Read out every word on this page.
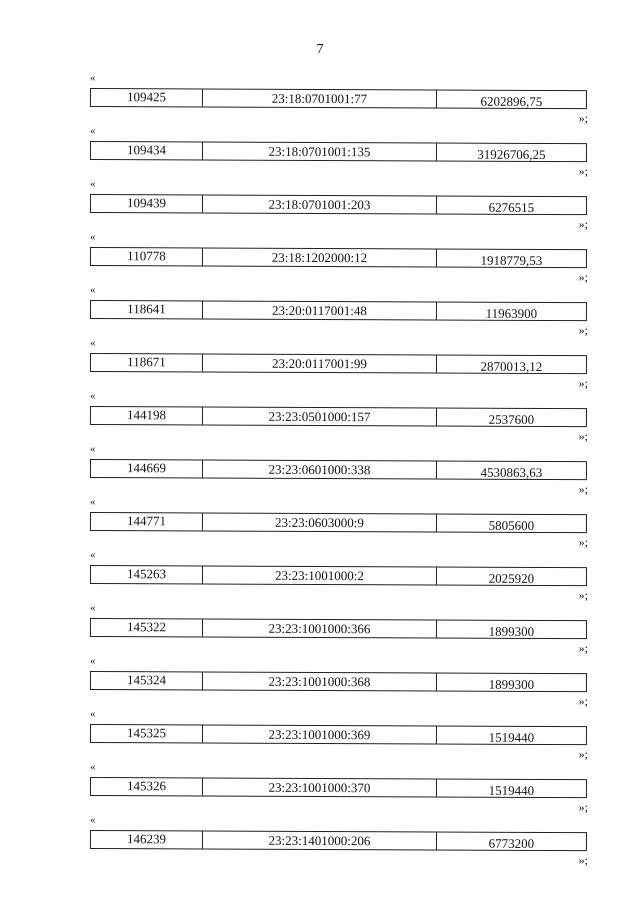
7
«
109425	23:18:0701001:77	6202896,75
»;
«
109434	23:18:0701001:135	31926706,25
»;
«
109439	23:18:0701001:203	6276515
»;
«
110778	23:18:1202000:12	1918779,53
»;
«
118641	23:20:0117001:48	11963900
»;
«
118671	23:20:0117001:99	2870013,12
»;
«
144198	23:23:0501000:157	2537600
»;
«
144669	23:23:0601000:338	4530863,63
»;
«
144771	23:23:0603000:9	5805600
»;
«
145263	23:23:1001000:2	2025920
»;
«
145322	23:23:1001000:366	1899300
»;
«
145324	23:23:1001000:368	1899300
»;
«
145325	23:23:1001000:369	1519440
»;
«
145326	23:23:1001000:370	1519440
»;
«
146239	23:23:1401000:206	6773200
»;
